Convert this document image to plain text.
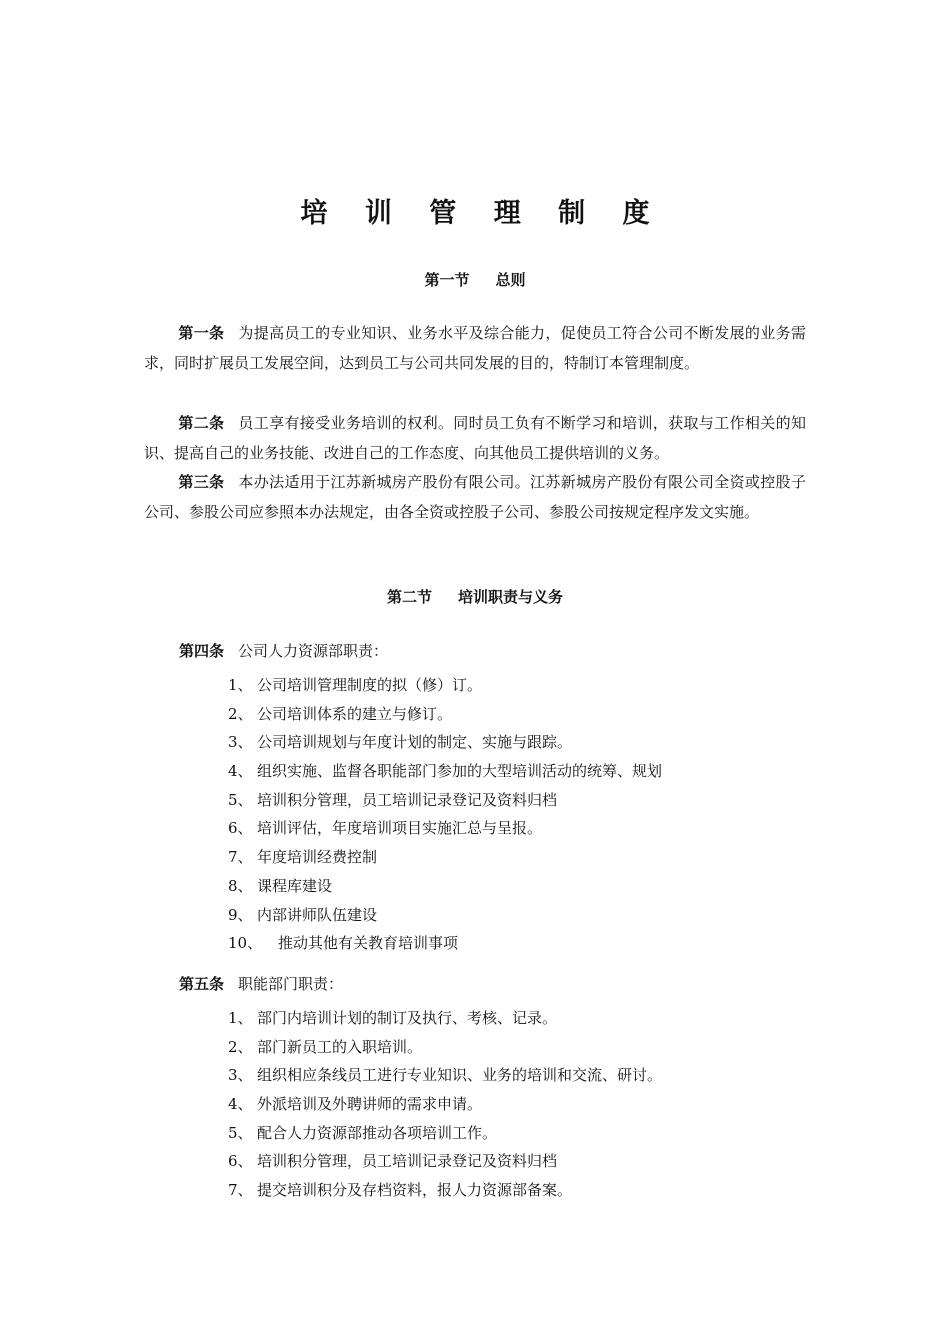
培 训 管 理 制 度
第一节 总则
第一条 为提高员工的专业知识、业务水平及综合能力，促使员工符合公司不断发展的业务需求，同时扩展员工发展空间，达到员工与公司共同发展的目的，特制订本管理制度。
第二条 员工享有接受业务培训的权利。同时员工负有不断学习和培训，获取与工作相关的知识、提高自己的业务技能、改进自己的工作态度、向其他员工提供培训的义务。
第三条 本办法适用于江苏新城房产股份有限公司。江苏新城房产股份有限公司全资或控股子公司、参股公司应参照本办法规定，由各全资或控股子公司、参股公司按规定程序发文实施。
第二节 培训职责与义务
第四条 公司人力资源部职责：
1、 公司培训管理制度的拟（修）订。
2、 公司培训体系的建立与修订。
3、 公司培训规划与年度计划的制定、实施与跟踪。
4、 组织实施、监督各职能部门参加的大型培训活动的统筹、规划
5、 培训积分管理，员工培训记录登记及资料归档
6、 培训评估，年度培训项目实施汇总与呈报。
7、 年度培训经费控制
8、 课程库建设
9、 内部讲师队伍建设
10、 推动其他有关教育培训事项
第五条 职能部门职责：
1、 部门内培训计划的制订及执行、考核、记录。
2、 部门新员工的入职培训。
3、 组织相应条线员工进行专业知识、业务的培训和交流、研讨。
4、 外派培训及外聘讲师的需求申请。
5、 配合人力资源部推动各项培训工作。
6、 培训积分管理，员工培训记录登记及资料归档
7、 提交培训积分及存档资料，报人力资源部备案。
